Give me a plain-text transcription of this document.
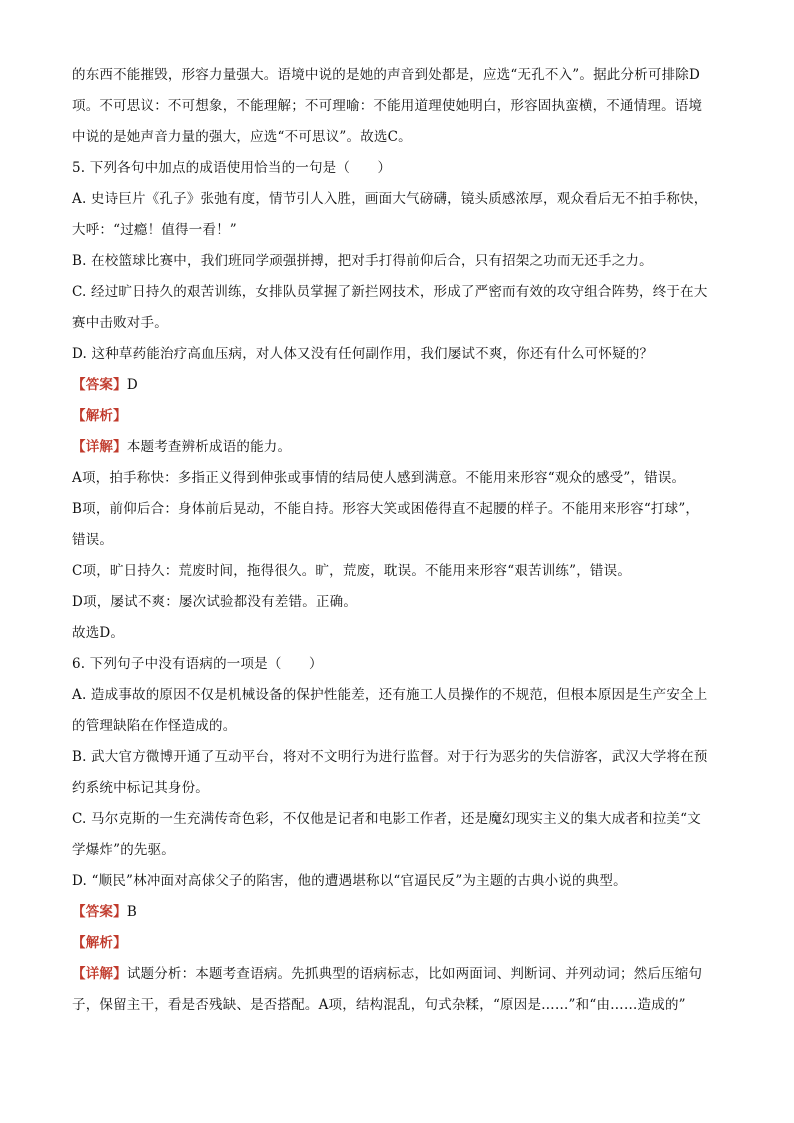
的东西不能摧毁，形容力量强大。语境中说的是她的声音到处都是，应选“无孔不入”。据此分析可排除D
项。不可思议：不可想象，不能理解；不可理喻：不能用道理使她明白，形容固执蛮横，不通情理。语境
中说的是她声音力量的强大，应选“不可思议”。故选C。
5. 下列各句中加点的成语使用恰当的一句是（　　）
A. 史诗巨片《孔子》张弛有度，情节引人入胜，画面大气磅礴，镜头质感浓厚，观众看后无不拍手称快，
大呼：“过瘾！值得一看！”
B. 在校篮球比赛中，我们班同学顽强拼搏，把对手打得前仰后合，只有招架之功而无还手之力。
C. 经过旷日持久的艰苦训练，女排队员掌握了新拦网技术，形成了严密而有效的攻守组合阵势，终于在大
赛中击败对手。
D. 这种草药能治疗高血压病，对人体又没有任何副作用，我们屡试不爽，你还有什么可怀疑的？
【答案】D
【解析】
【详解】本题考查辨析成语的能力。
A项，拍手称快：多指正义得到伸张或事情的结局使人感到满意。不能用来形容“观众的感受”，错误。
B项，前仰后合：身体前后晃动，不能自持。形容大笑或困倦得直不起腰的样子。不能用来形容“打球”，
错误。
C项，旷日持久：荒废时间，拖得很久。旷，荒废，耽误。不能用来形容“艰苦训练”，错误。
D项，屡试不爽：屡次试验都没有差错。正确。
故选D。
6. 下列句子中没有语病的一项是（　　）
A. 造成事故的原因不仅是机械设备的保护性能差，还有施工人员操作的不规范，但根本原因是生产安全上
的管理缺陷在作怪造成的。
B. 武大官方微博开通了互动平台，将对不文明行为进行监督。对于行为恶劣的失信游客，武汉大学将在预
约系统中标记其身份。
C. 马尔克斯的一生充满传奇色彩，不仅他是记者和电影工作者，还是魔幻现实主义的集大成者和拉美“文
学爆炸”的先驱。
D. “顺民”林冲面对高俅父子的陷害，他的遭遇堪称以“官逼民反”为主题的古典小说的典型。
【答案】B
【解析】
【详解】试题分析：本题考查语病。先抓典型的语病标志，比如两面词、判断词、并列动词；然后压缩句
子，保留主干，看是否残缺、是否搭配。A项，结构混乱，句式杂糅，“原因是……”和“由……造成的”
